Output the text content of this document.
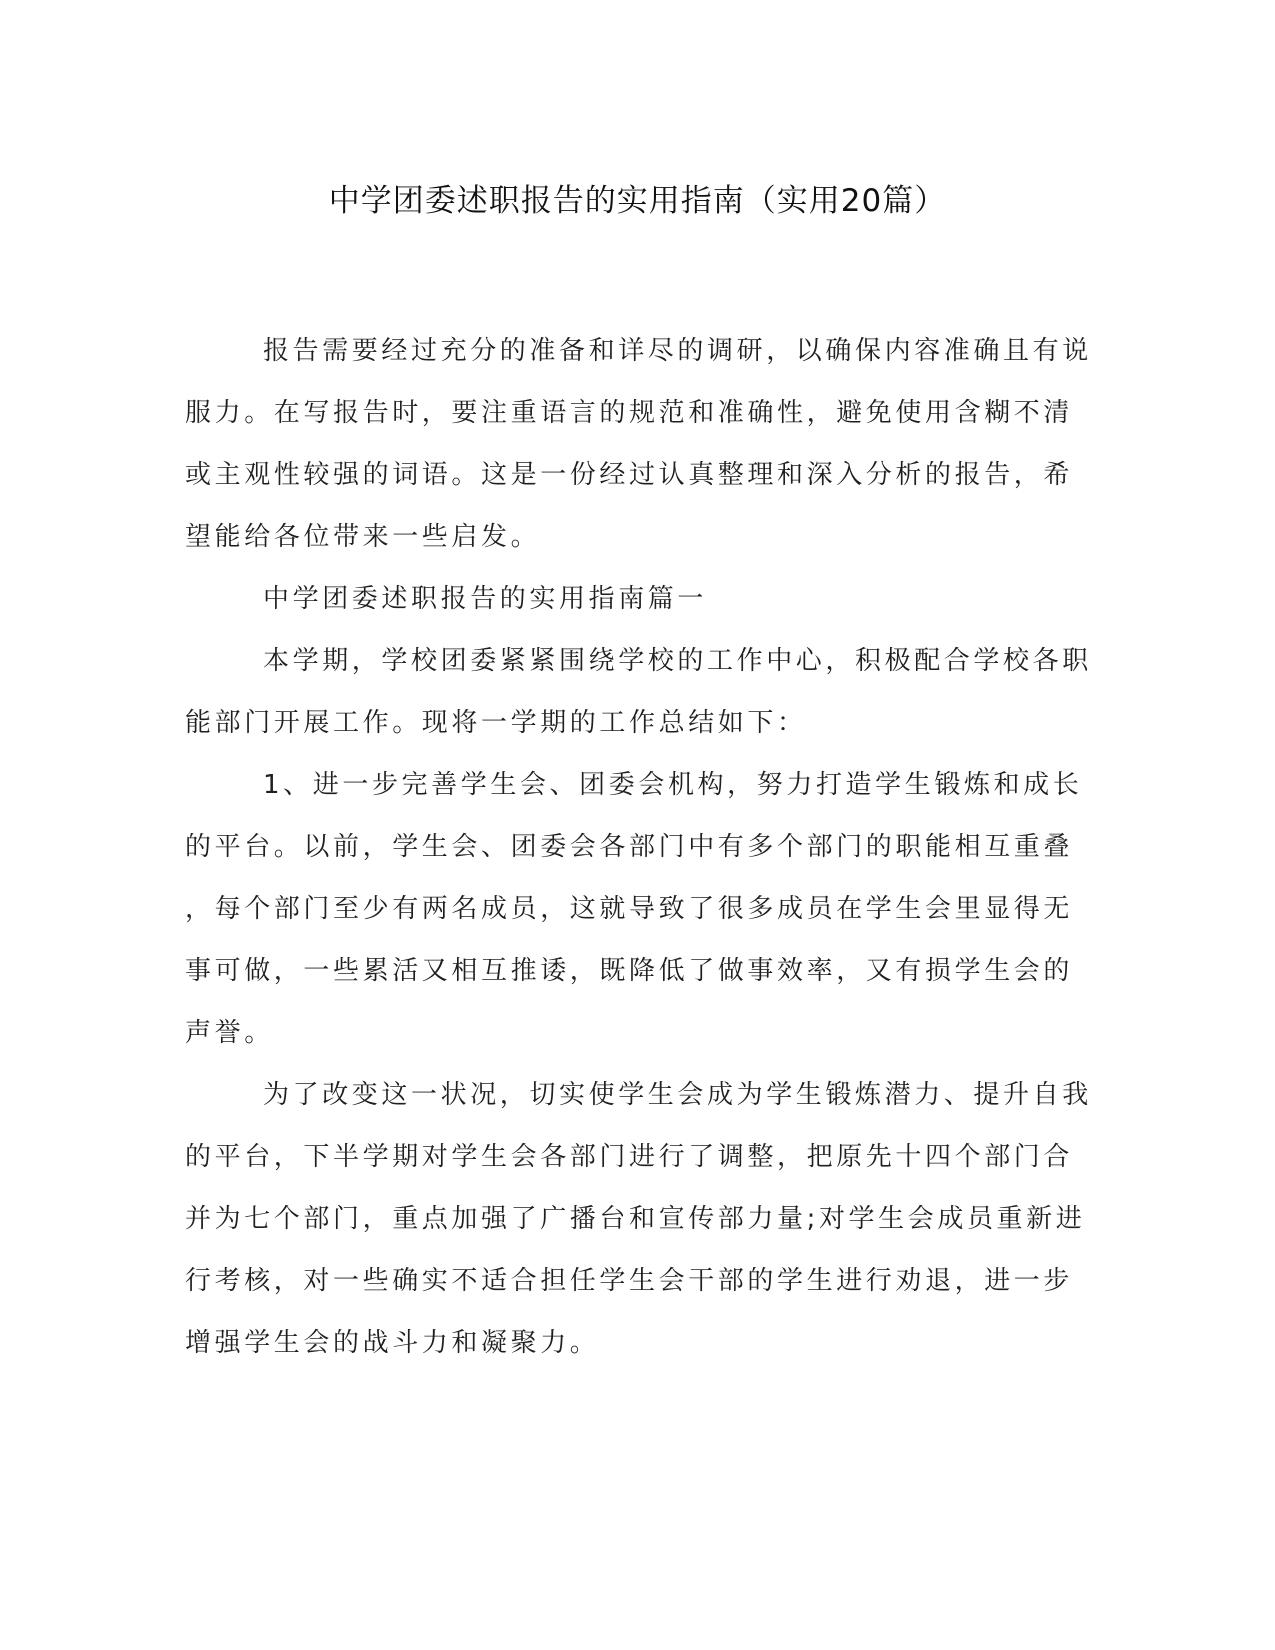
中学团委述职报告的实用指南（实用20篇）
报告需要经过充分的准备和详尽的调研，以确保内容准确且有说
服力。在写报告时，要注重语言的规范和准确性，避免使用含糊不清
或主观性较强的词语。这是一份经过认真整理和深入分析的报告，希
望能给各位带来一些启发。
中学团委述职报告的实用指南篇一
本学期，学校团委紧紧围绕学校的工作中心，积极配合学校各职
能部门开展工作。现将一学期的工作总结如下：
1、进一步完善学生会、团委会机构，努力打造学生锻炼和成长
的平台。以前，学生会、团委会各部门中有多个部门的职能相互重叠
，每个部门至少有两名成员，这就导致了很多成员在学生会里显得无
事可做，一些累活又相互推诿，既降低了做事效率，又有损学生会的
声誉。
为了改变这一状况，切实使学生会成为学生锻炼潜力、提升自我
的平台，下半学期对学生会各部门进行了调整，把原先十四个部门合
并为七个部门，重点加强了广播台和宣传部力量;对学生会成员重新进
行考核，对一些确实不适合担任学生会干部的学生进行劝退，进一步
增强学生会的战斗力和凝聚力。
